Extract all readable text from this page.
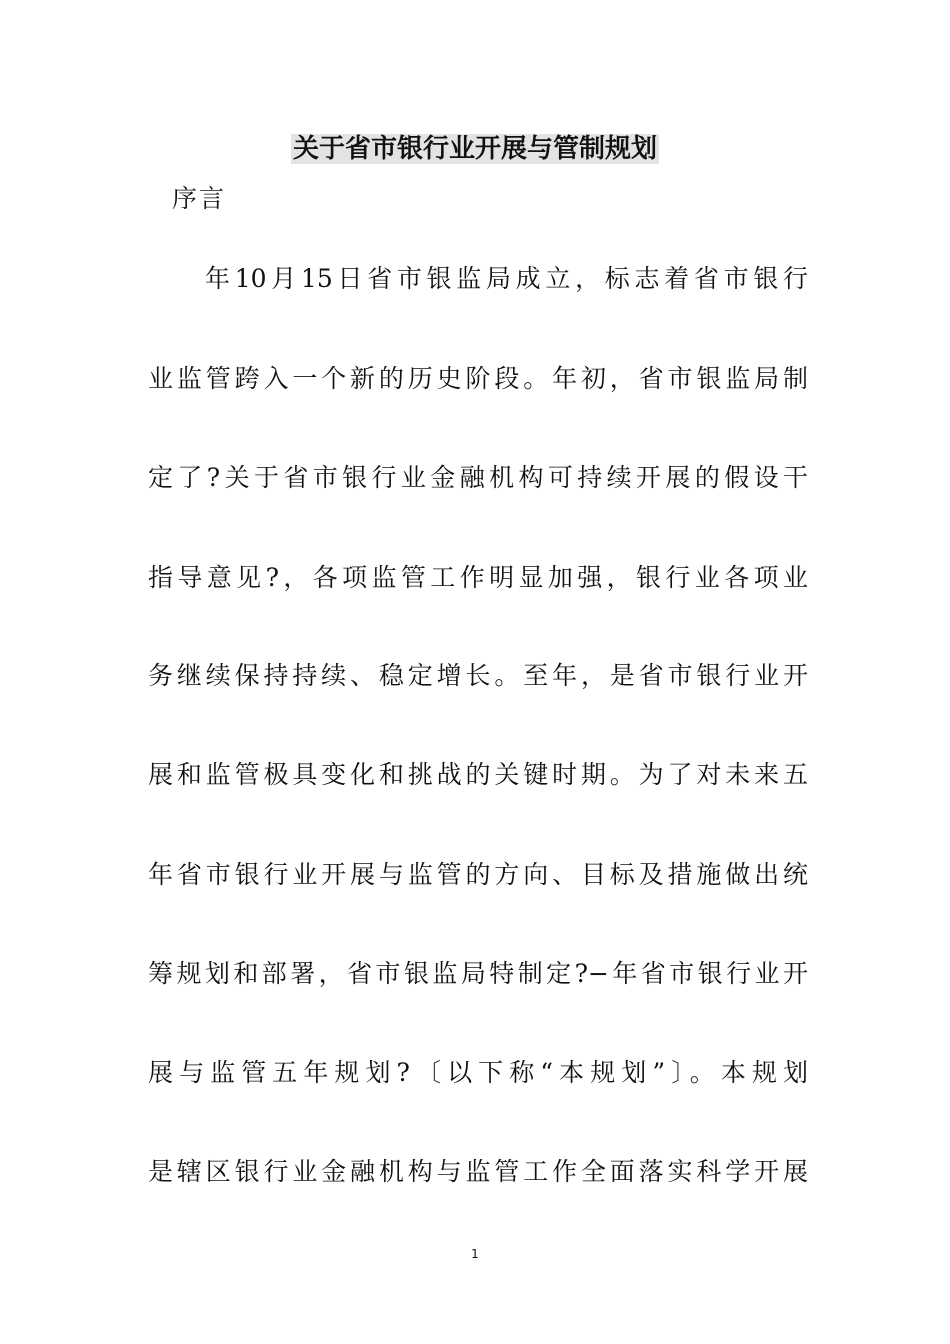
关于省市银行业开展与管制规划
序言
年10月15日省市银监局成立，标志着省市银行
业监管跨入一个新的历史阶段。年初，省市银监局制
定了?关于省市银行业金融机构可持续开展的假设干
指导意见?，各项监管工作明显加强，银行业各项业
务继续保持持续、稳定增长。至年，是省市银行业开
展和监管极具变化和挑战的关键时期。为了对未来五
年省市银行业开展与监管的方向、目标及措施做出统
筹规划和部署，省市银监局特制定?−年省市银行业开
展与监管五年规划?〔以下称“本规划”〕。本规划
是辖区银行业金融机构与监管工作全面落实科学开展
1
